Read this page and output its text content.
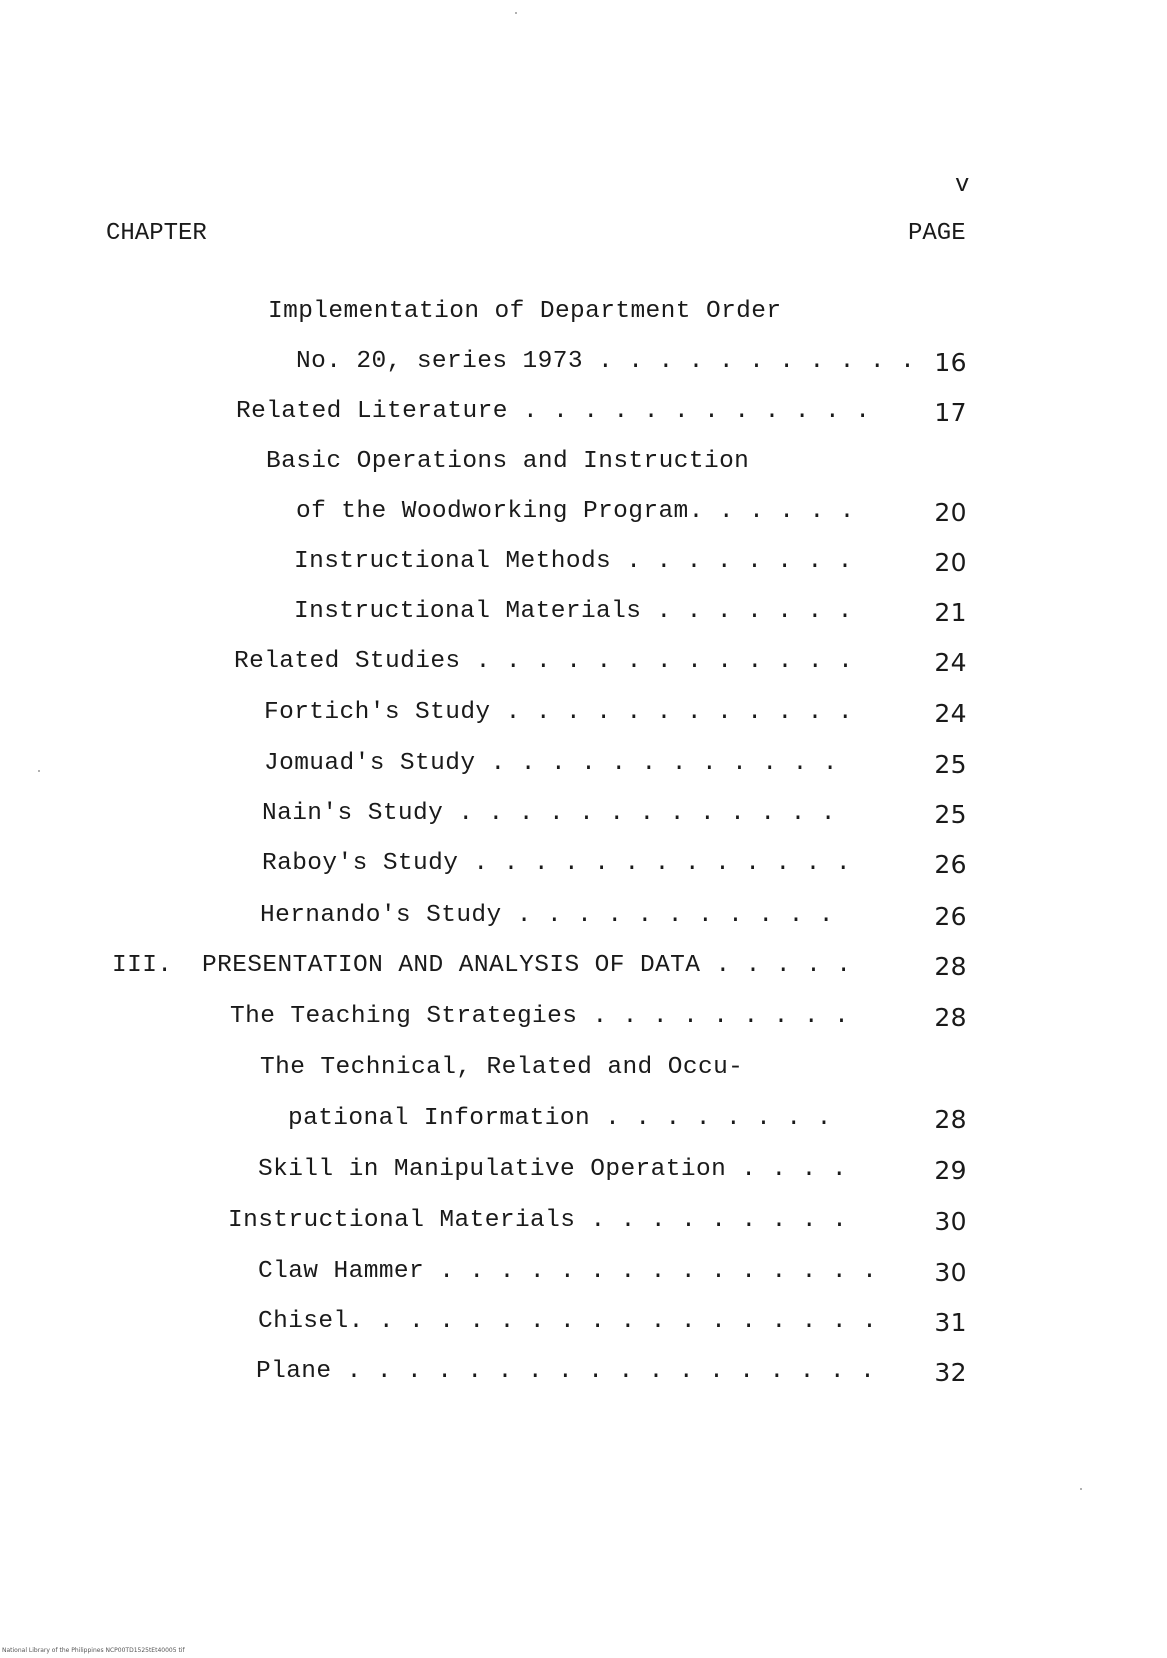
v
CHAPTER	PAGE
Implementation of Department Order
No. 20, series 1973 . . . . . . . . . . . 16
Related Literature . . . . . . . . . . . .	17
Basic Operations and Instruction
of the Woodworking Program. . . . . .	20
Instructional Methods . . . . . . . .	20
Instructional Materials . . . . . . .	21
Related Studies . . . . . . . . . . . . .	24
Fortich's Study . . . . . . . . . . . .	24
Jomuad's Study . . . . . . . . . . . .	25
Nain's Study . . . . . . . . . . . . .	25
Raboy's Study . . . . . . . . . . . . .	26
Hernando's Study . . . . . . . . . . .	26
III. PRESENTATION AND ANALYSIS OF DATA . . . . .	28
The Teaching Strategies . . . . . . . . .	28
The Technical, Related and Occu-
pational Information . . . . . . . .	28
Skill in Manipulative Operation . . . .	29
Instructional Materials . . . . . . . . .	30
Claw Hammer . . . . . . . . . . . . . . . 30
Chisel. . . . . . . . . . . . . . . . . . 31
Plane . . . . . . . . . . . . . . . . . . 32
National Library of the Philippines NCP00TD1525tEt40005 tif
